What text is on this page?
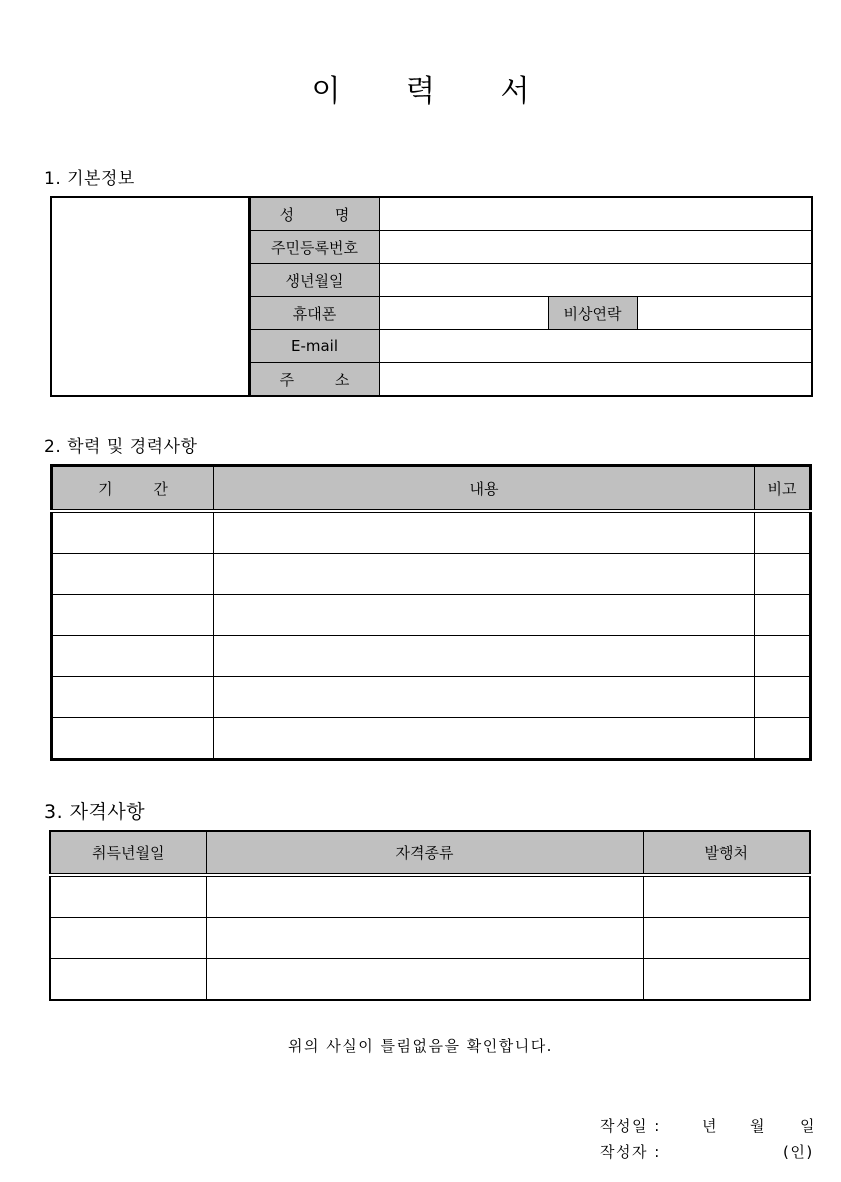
이 력 서
1. 기본정보
	성 명			
	주민등록번호			
	생년월일			
	휴대폰		비상연락	
	E-mail			
	주 소			
2. 학력 및 경력사항
기 간	내용	비고

3. 자격사항
취득년월일	자격종류	발행처

위의 사실이 틀림없음을 확인합니다.
작성일 :	년 월 일
작성자 :	(인)
